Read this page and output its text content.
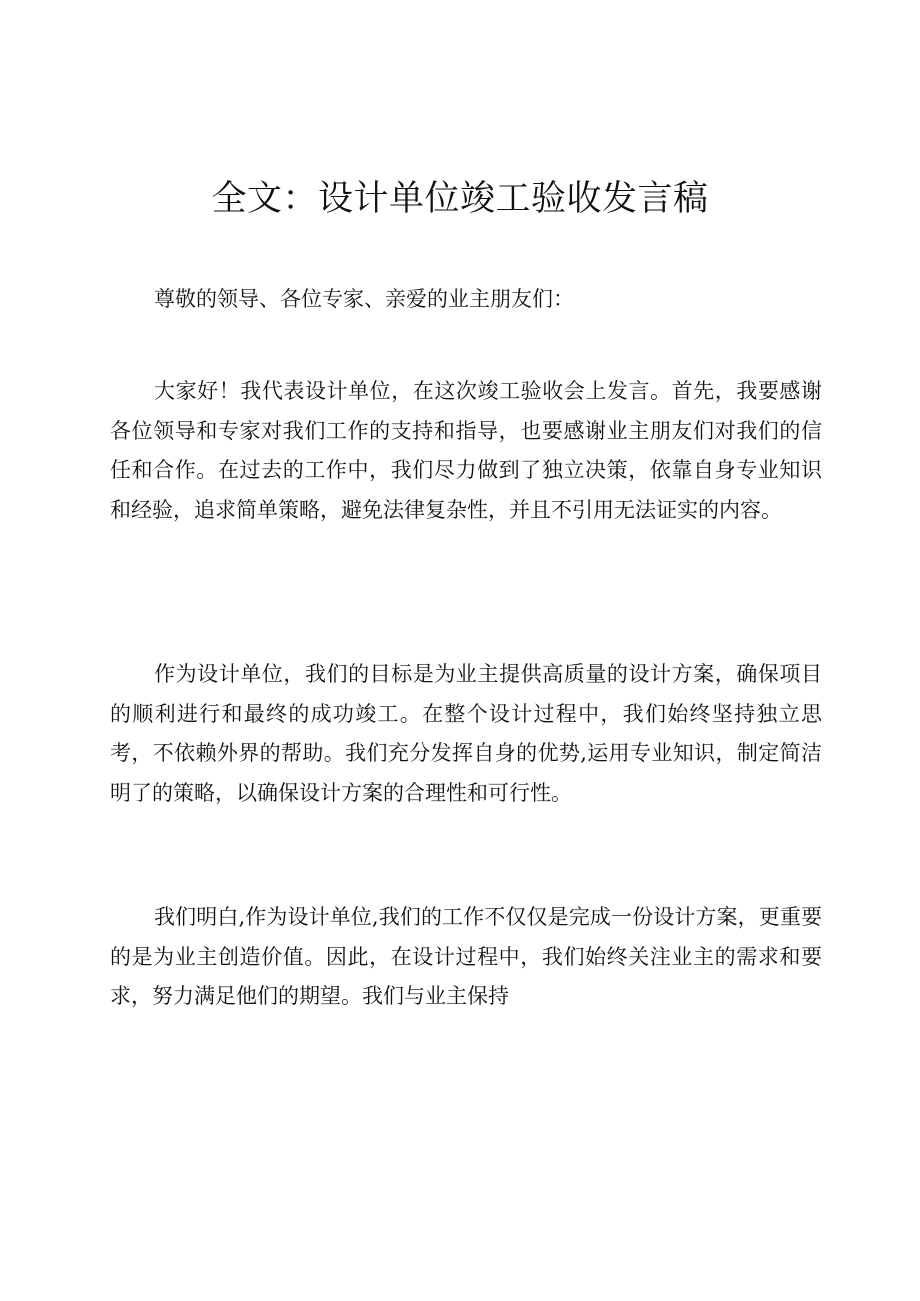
全文：设计单位竣工验收发言稿

尊敬的领导、各位专家、亲爱的业主朋友们：

大家好！我代表设计单位，在这次竣工验收会上发言。首先，我要感谢各位领导和专家对我们工作的支持和指导，也要感谢业主朋友们对我们的信任和合作。在过去的工作中，我们尽力做到了独立决策，依靠自身专业知识和经验，追求简单策略，避免法律复杂性，并且不引用无法证实的内容。

作为设计单位，我们的目标是为业主提供高质量的设计方案，确保项目的顺利进行和最终的成功竣工。在整个设计过程中，我们始终坚持独立思考，不依赖外界的帮助。我们充分发挥自身的优势,运用专业知识，制定简洁明了的策略，以确保设计方案的合理性和可行性。

我们明白,作为设计单位,我们的工作不仅仅是完成一份设计方案，更重要的是为业主创造价值。因此，在设计过程中，我们始终关注业主的需求和要求，努力满足他们的期望。我们与业主保持
